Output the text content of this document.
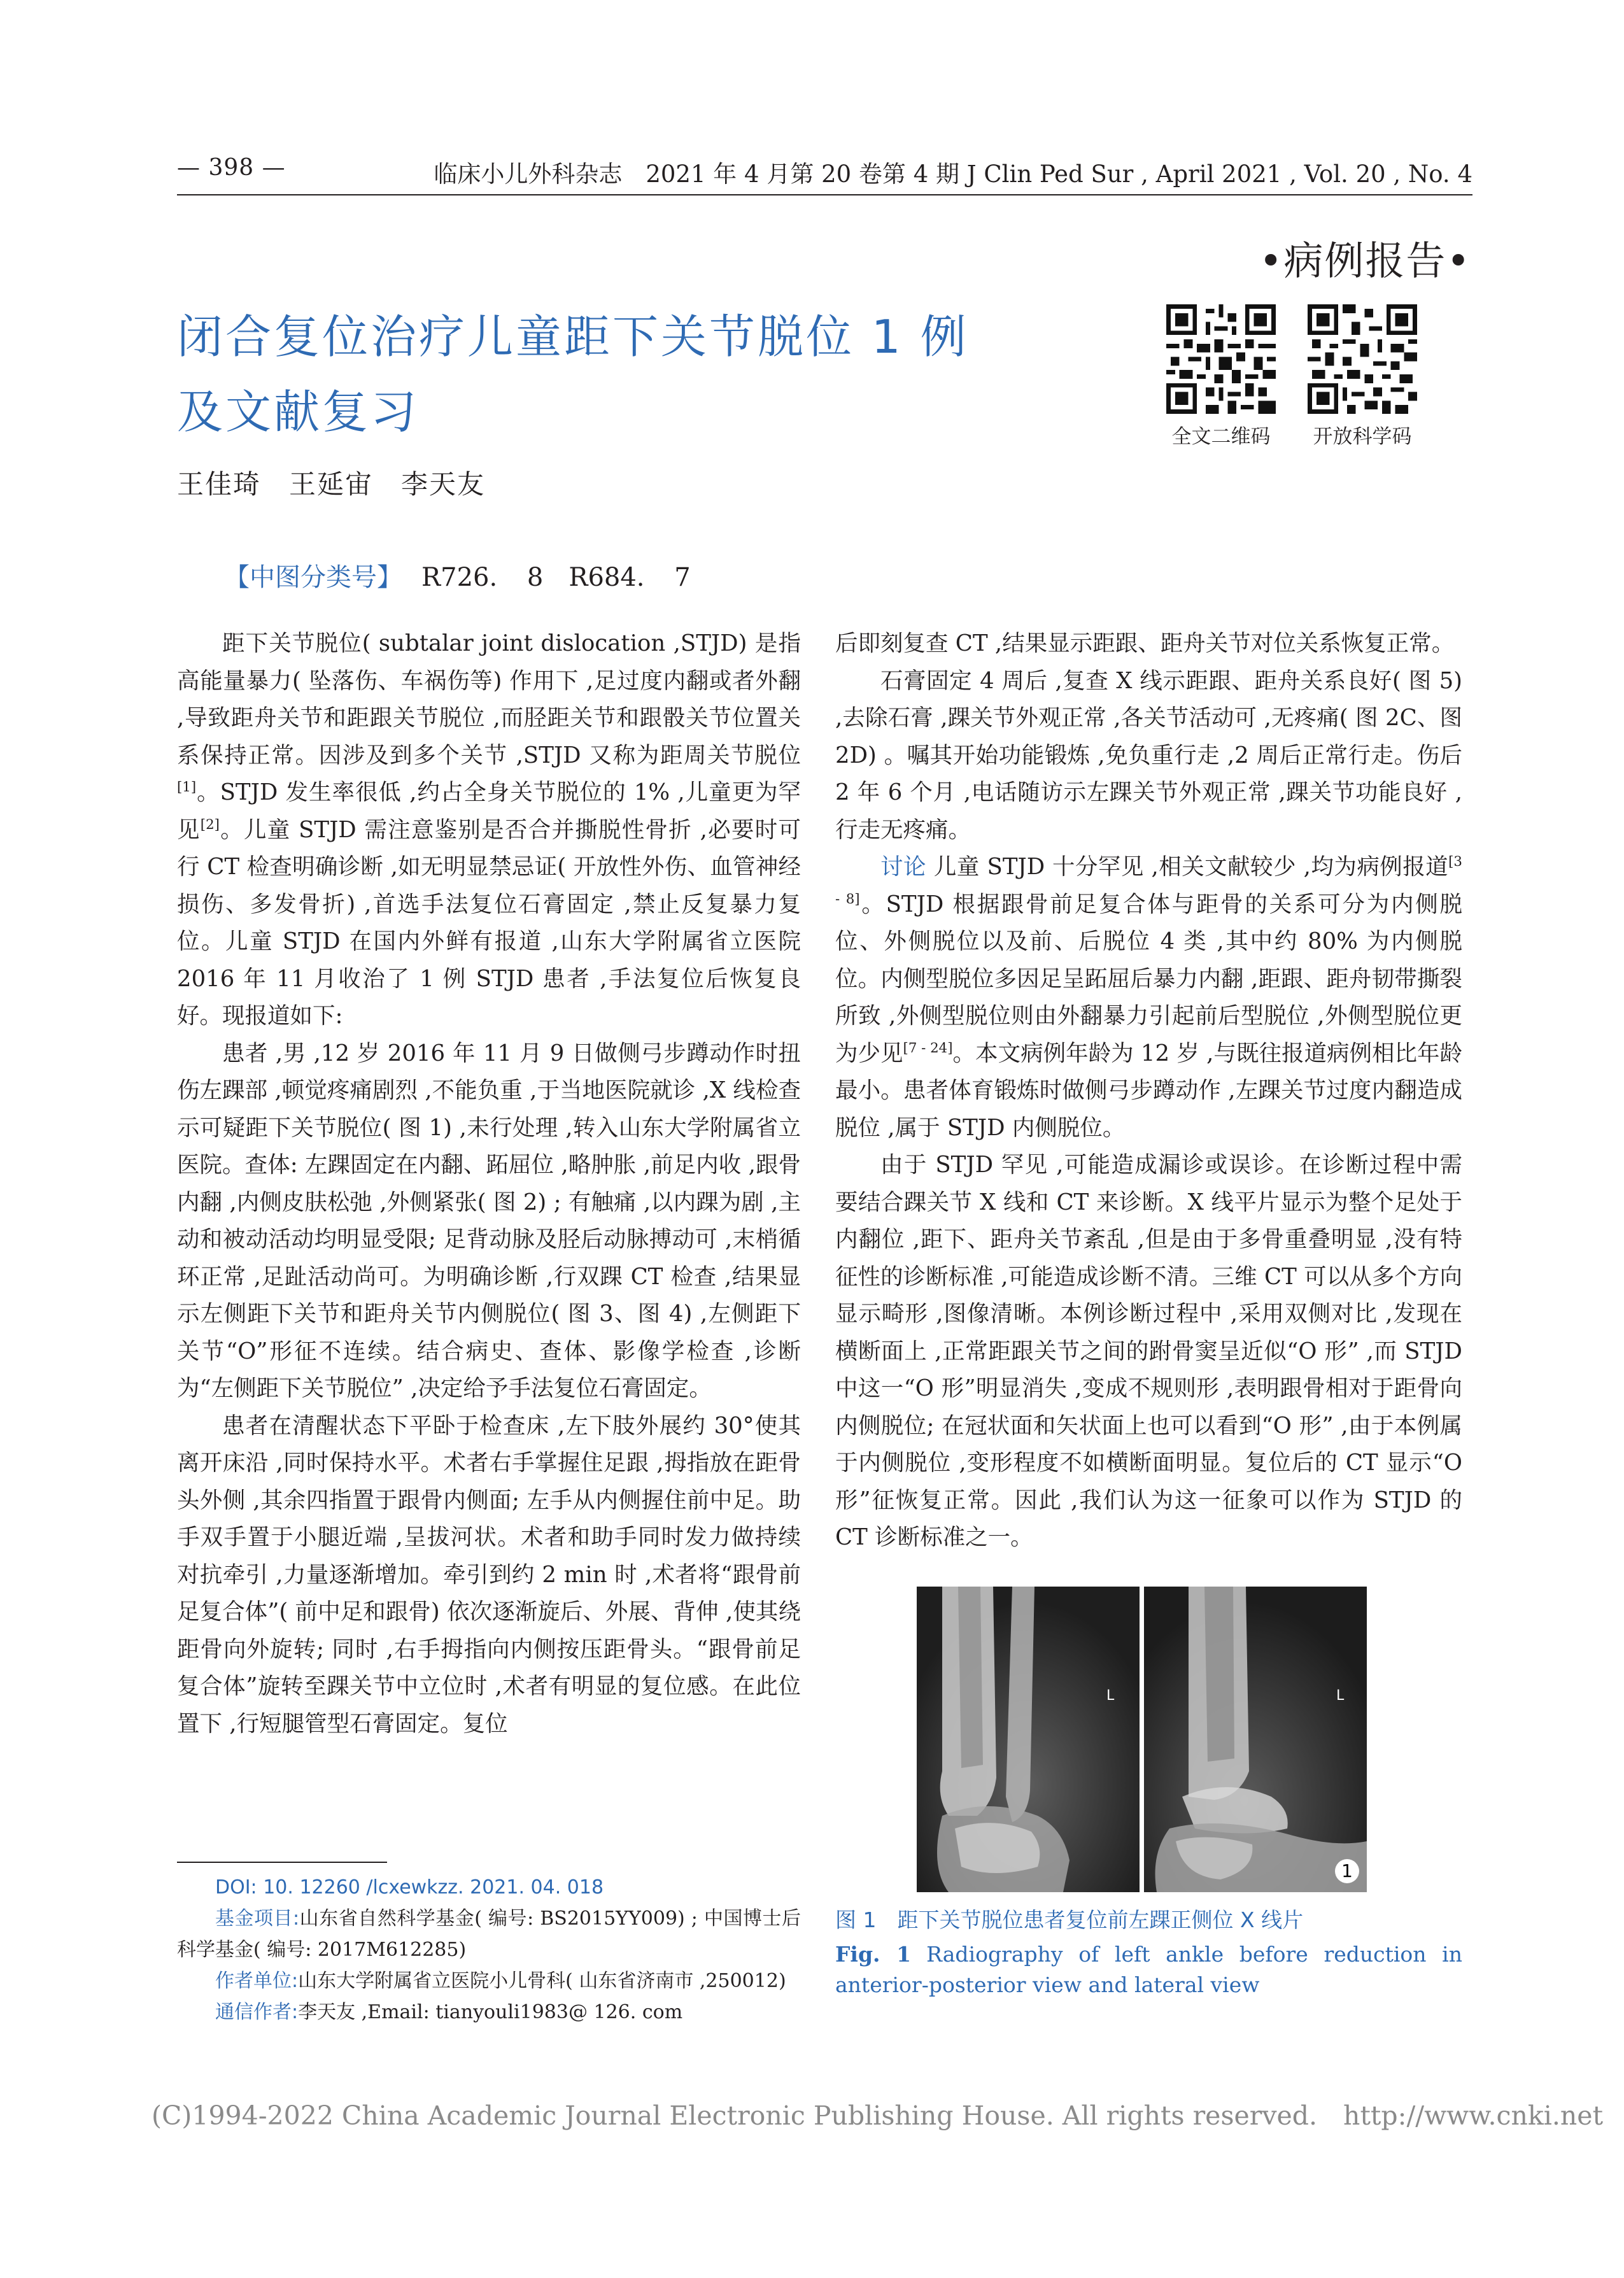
— 398 —	临床小儿外科杂志　2021 年 4 月第 20 卷第 4 期 J Clin Ped Sur , April 2021 , Vol. 20 , No. 4
•病例报告•
闭合复位治疗儿童距下关节脱位 1 例
及文献复习	全文二维码	开放科学码
王佳琦　王延宙　李天友
【中图分类号】 R726. 8　R684. 7

距下关节脱位( subtalar joint dislocation ,STJD) 是指高能量暴力( 坠落伤、车祸伤等) 作用下 ,足过度内翻或者外翻 ,导致距舟关节和距跟关节脱位 ,而胫距关节和跟骰关节位置关系保持正常。因涉及到多个关节 ,STJD 又称为距周关节脱位[1]。STJD 发生率很低 ,约占全身关节脱位的 1% ,儿童更为罕见[2]。儿童 STJD 需注意鉴别是否合并撕脱性骨折 ,必要时可行 CT 检查明确诊断 ,如无明显禁忌证( 开放性外伤、血管神经损伤、多发骨折) ,首选手法复位石膏固定 ,禁止反复暴力复位。儿童 STJD 在国内外鲜有报道 ,山东大学附属省立医院 2016 年 11 月收治了 1 例 STJD 患者 ,手法复位后恢复良好。现报道如下:

患者 ,男 ,12 岁 2016 年 11 月 9 日做侧弓步蹲动作时扭伤左踝部 ,顿觉疼痛剧烈 ,不能负重 ,于当地医院就诊 ,X 线检查示可疑距下关节脱位( 图 1) ,未行处理 ,转入山东大学附属省立医院。查体: 左踝固定在内翻、跖屈位 ,略肿胀 ,前足内收 ,跟骨内翻 ,内侧皮肤松弛 ,外侧紧张( 图 2) ; 有触痛 ,以内踝为剧 ,主动和被动活动均明显受限; 足背动脉及胫后动脉搏动可 ,末梢循环正常 ,足趾活动尚可。为明确诊断 ,行双踝 CT 检查 ,结果显示左侧距下关节和距舟关节内侧脱位( 图 3、图 4) ,左侧距下关节“O”形征不连续。结合病史、查体、影像学检查 ,诊断为“左侧距下关节脱位” ,决定给予手法复位石膏固定。

患者在清醒状态下平卧于检查床 ,左下肢外展约 30°使其离开床沿 ,同时保持水平。术者右手掌握住足跟 ,拇指放在距骨头外侧 ,其余四指置于跟骨内侧面; 左手从内侧握住前中足。助手双手置于小腿近端 ,呈拔河状。术者和助手同时发力做持续对抗牵引 ,力量逐渐增加。牵引到约 2 min 时 ,术者将“跟骨前足复合体”( 前中足和跟骨) 依次逐渐旋后、外展、背伸 ,使其绕距骨向外旋转; 同时 ,右手拇指向内侧按压距骨头。“跟骨前足复合体”旋转至踝关节中立位时 ,术者有明显的复位感。在此位置下 ,行短腿管型石膏固定。复位

后即刻复查 CT ,结果显示距跟、距舟关节对位关系恢复正常。

石膏固定 4 周后 ,复查 X 线示距跟、距舟关系良好( 图 5) ,去除石膏 ,踝关节外观正常 ,各关节活动可 ,无疼痛( 图 2C、图 2D) 。嘱其开始功能锻炼 ,免负重行走 ,2 周后正常行走。伤后 2 年 6 个月 ,电话随访示左踝关节外观正常 ,踝关节功能良好 ,行走无疼痛。

讨论 儿童 STJD 十分罕见 ,相关文献较少 ,均为病例报道[3 - 8]。STJD 根据跟骨前足复合体与距骨的关系可分为内侧脱位、外侧脱位以及前、后脱位 4 类 ,其中约 80% 为内侧脱位。内侧型脱位多因足呈跖屈后暴力内翻 ,距跟、距舟韧带撕裂所致 ,外侧型脱位则由外翻暴力引起前后型脱位 ,外侧型脱位更为少见[7 - 24]。本文病例年龄为 12 岁 ,与既往报道病例相比年龄最小。患者体育锻炼时做侧弓步蹲动作 ,左踝关节过度内翻造成脱位 ,属于 STJD 内侧脱位。

由于 STJD 罕见 ,可能造成漏诊或误诊。在诊断过程中需要结合踝关节 X 线和 CT 来诊断。X 线平片显示为整个足处于内翻位 ,距下、距舟关节紊乱 ,但是由于多骨重叠明显 ,没有特征性的诊断标准 ,可能造成诊断不清。三维 CT 可以从多个方向显示畸形 ,图像清晰。本例诊断过程中 ,采用双侧对比 ,发现在横断面上 ,正常距跟关节之间的跗骨窦呈近似“O 形” ,而 STJD 中这一“O 形”明显消失 ,变成不规则形 ,表明跟骨相对于距骨向内侧脱位; 在冠状面和矢状面上也可以看到“O 形” ,由于本例属于内侧脱位 ,变形程度不如横断面明显。复位后的 CT 显示“O 形”征恢复正常。因此 ,我们认为这一征象可以作为 STJD 的 CT 诊断标准之一。

L	L
1
图 1　距下关节脱位患者复位前左踝正侧位 X 线片
Fig. 1 Radiography of left ankle before reduction in anterior-posterior view and lateral view

DOI: 10. 12260 /lcxewkzz. 2021. 04. 018

基金项目:山东省自然科学基金( 编号: BS2015YY009) ; 中国博士后科学基金( 编号: 2017M612285)

作者单位:山东大学附属省立医院小儿骨科( 山东省济南市 ,250012)

通信作者:李天友 ,Email: tianyouli1983@ 126. com

(C)1994-2022 China Academic Journal Electronic Publishing House. All rights reserved.　http://www.cnki.net
